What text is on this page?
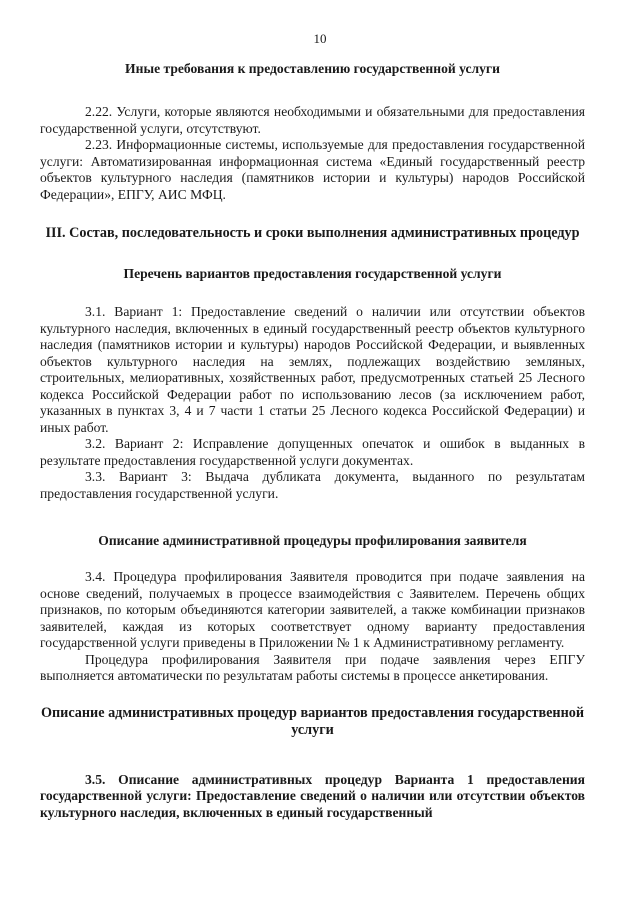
10

Иные требования к предоставлению государственной услуги

2.22. Услуги, которые являются необходимыми и обязательными для предоставления государственной услуги, отсутствуют.

2.23. Информационные системы, используемые для предоставления государственной услуги: Автоматизированная информационная система «Единый государственный реестр объектов культурного наследия (памятников истории и культуры) народов Российской Федерации», ЕПГУ, АИС МФЦ.

III. Состав, последовательность и сроки выполнения административных процедур

Перечень вариантов предоставления государственной услуги

3.1. Вариант 1: Предоставление сведений о наличии или отсутствии объектов культурного наследия, включенных в единый государственный реестр объектов культурного наследия (памятников истории и культуры) народов Российской Федерации, и выявленных объектов культурного наследия на землях, подлежащих воздействию земляных, строительных, мелиоративных, хозяйственных работ, предусмотренных статьей 25 Лесного кодекса Российской Федерации работ по использованию лесов (за исключением работ, указанных в пунктах 3, 4 и 7 части 1 статьи 25 Лесного кодекса Российской Федерации) и иных работ.

3.2. Вариант 2: Исправление допущенных опечаток и ошибок в выданных в результате предоставления государственной услуги документах.

3.3. Вариант 3: Выдача дубликата документа, выданного по результатам предоставления государственной услуги.

Описание административной процедуры профилирования заявителя

3.4. Процедура профилирования Заявителя проводится при подаче заявления на основе сведений, получаемых в процессе взаимодействия с Заявителем. Перечень общих признаков, по которым объединяются категории заявителей, а также комбинации признаков заявителей, каждая из которых соответствует одному варианту предоставления государственной услуги приведены в Приложении № 1 к Административному регламенту.

Процедура профилирования Заявителя при подаче заявления через ЕПГУ выполняется автоматически по результатам работы системы в процессе анкетирования.

Описание административных процедур вариантов предоставления государственной услуги

3.5. Описание административных процедур Варианта 1 предоставления государственной услуги: Предоставление сведений о наличии или отсутствии объектов культурного наследия, включенных в единый государственный
